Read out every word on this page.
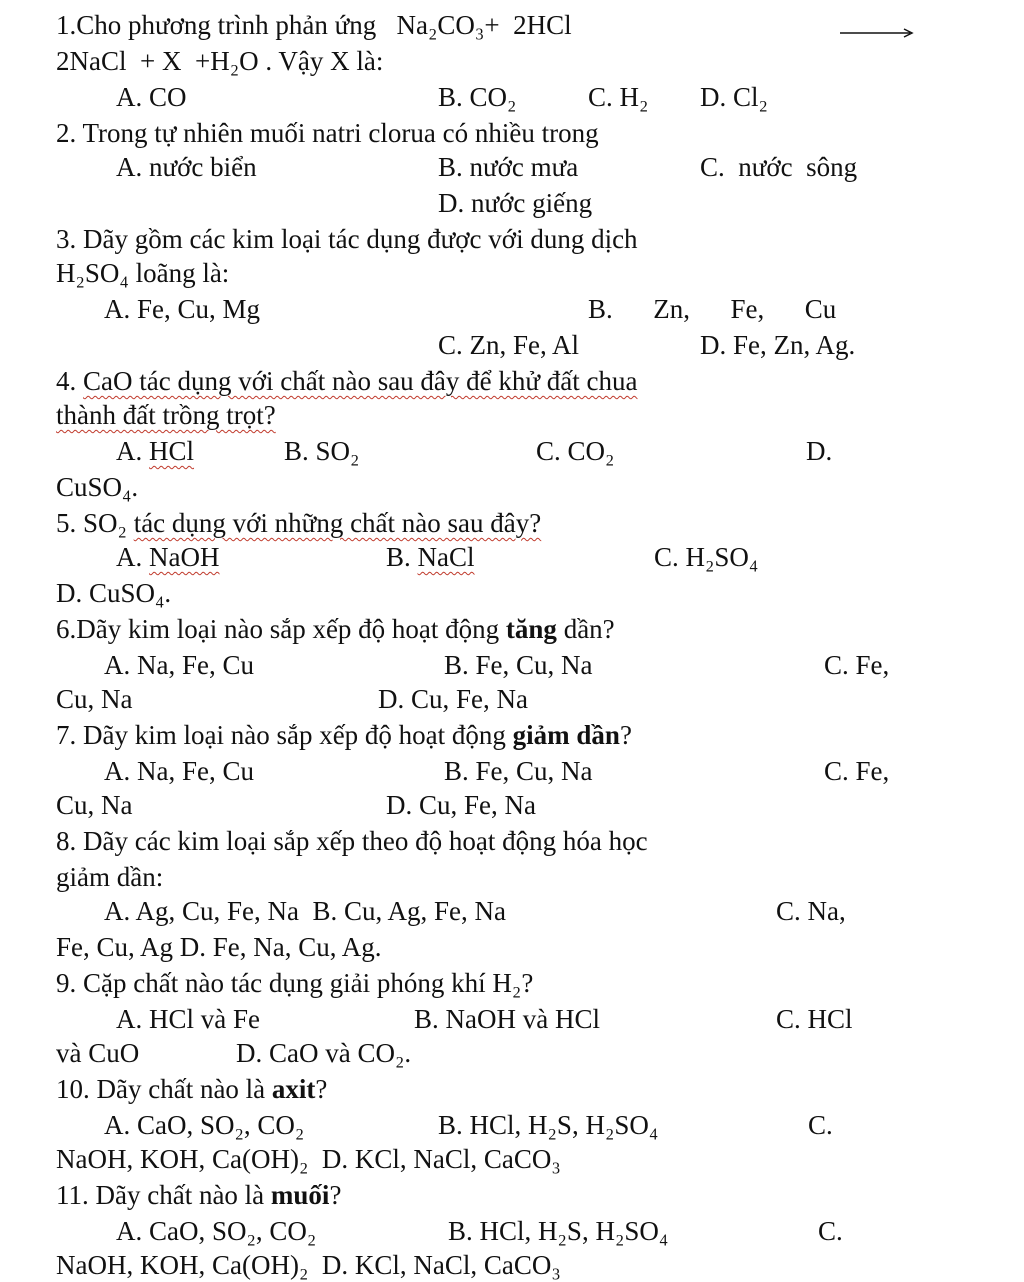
1.Cho phương trình phản ứng   Na₂CO₃+  2HCl
2NaCl  + X  +H₂O . Vậy X là:
A. CO	B. CO₂	C. H₂ D. Cl₂
2. Trong tự nhiên muối natri clorua có nhiều trong
A. nước biển	B. nước mưa	C.  nước  sông
D. nước giếng
3. Dãy gồm các kim loại tác dụng được với dung dịch
H₂SO₄ loãng là:
A. Fe, Cu, Mg	B.      Zn,      Fe,      Cu
C. Zn, Fe, Al	D. Fe, Zn, Ag.
4. CaO tác dụng với chất nào sau đây để khử đất chua
thành đất trồng trọt?
A. HCl	B. SO₂	C. CO₂	D.
CuSO₄.
5. SO₂ tác dụng với những chất nào sau đây?
A. NaOH	B. NaCl	C. H₂SO₄
D. CuSO₄.
6.Dãy kim loại nào sắp xếp độ hoạt động tăng dần?
A. Na, Fe, Cu	B. Fe, Cu, Na	C. Fe,
Cu, Na	D. Cu, Fe, Na
7. Dãy kim loại nào sắp xếp độ hoạt động giảm dần?
A. Na, Fe, Cu	B. Fe, Cu, Na	C. Fe,
Cu, Na	D. Cu, Fe, Na
8. Dãy các kim loại sắp xếp theo độ hoạt động hóa học
giảm dần:
A. Ag, Cu, Fe, Na  B. Cu, Ag, Fe, Na	C. Na,
Fe, Cu, Ag D. Fe, Na, Cu, Ag.
9. Cặp chất nào tác dụng giải phóng khí H₂?
A. HCl và Fe	B. NaOH và HCl	C. HCl
và CuO	D. CaO và CO₂.
10. Dãy chất nào là axit?
A. CaO, SO₂, CO₂	B. HCl, H₂S, H₂SO₄	C.
NaOH, KOH, Ca(OH)₂  D. KCl, NaCl, CaCO₃
11. Dãy chất nào là muối?
A. CaO, SO₂, CO₂	B. HCl, H₂S, H₂SO₄	C.
NaOH, KOH, Ca(OH)₂  D. KCl, NaCl, CaCO₃
